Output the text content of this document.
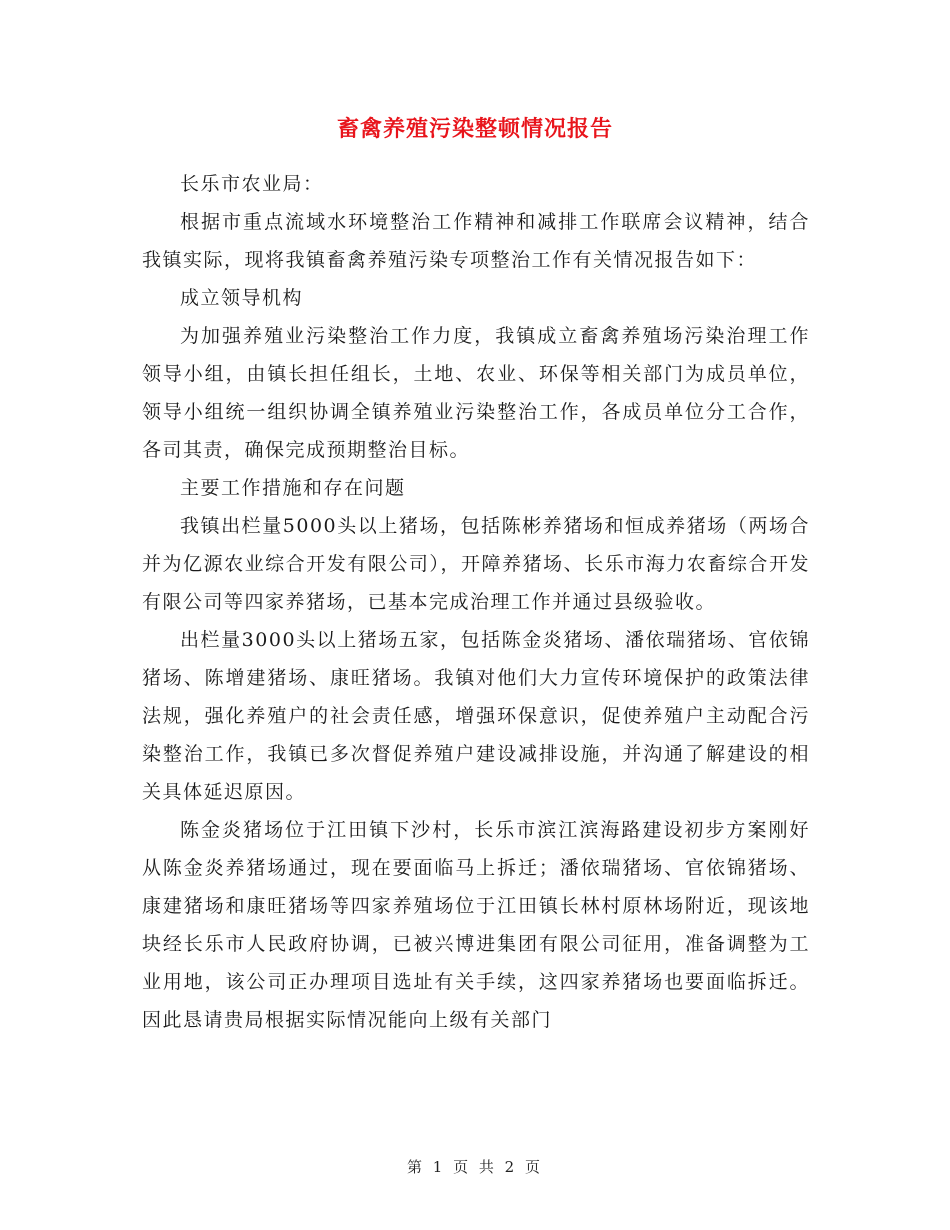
畜禽养殖污染整顿情况报告

长乐市农业局：

根据市重点流域水环境整治工作精神和减排工作联席会议精神，结合我镇实际，现将我镇畜禽养殖污染专项整治工作有关情况报告如下：

成立领导机构

为加强养殖业污染整治工作力度，我镇成立畜禽养殖场污染治理工作领导小组，由镇长担任组长，土地、农业、环保等相关部门为成员单位，领导小组统一组织协调全镇养殖业污染整治工作，各成员单位分工合作，各司其责，确保完成预期整治目标。

主要工作措施和存在问题

我镇出栏量5000头以上猪场，包括陈彬养猪场和恒成养猪场（两场合并为亿源农业综合开发有限公司），开障养猪场、长乐市海力农畜综合开发有限公司等四家养猪场，已基本完成治理工作并通过县级验收。

出栏量3000头以上猪场五家，包括陈金炎猪场、潘依瑞猪场、官依锦猪场、陈增建猪场、康旺猪场。我镇对他们大力宣传环境保护的政策法律法规，强化养殖户的社会责任感，增强环保意识，促使养殖户主动配合污染整治工作，我镇已多次督促养殖户建设减排设施，并沟通了解建设的相关具体延迟原因。

陈金炎猪场位于江田镇下沙村，长乐市滨江滨海路建设初步方案刚好从陈金炎养猪场通过，现在要面临马上拆迁；潘依瑞猪场、官依锦猪场、康建猪场和康旺猪场等四家养殖场位于江田镇长林村原林场附近，现该地块经长乐市人民政府协调，已被兴博进集团有限公司征用，准备调整为工业用地，该公司正办理项目选址有关手续，这四家养猪场也要面临拆迁。因此恳请贵局根据实际情况能向上级有关部门

第 1 页 共 2 页
